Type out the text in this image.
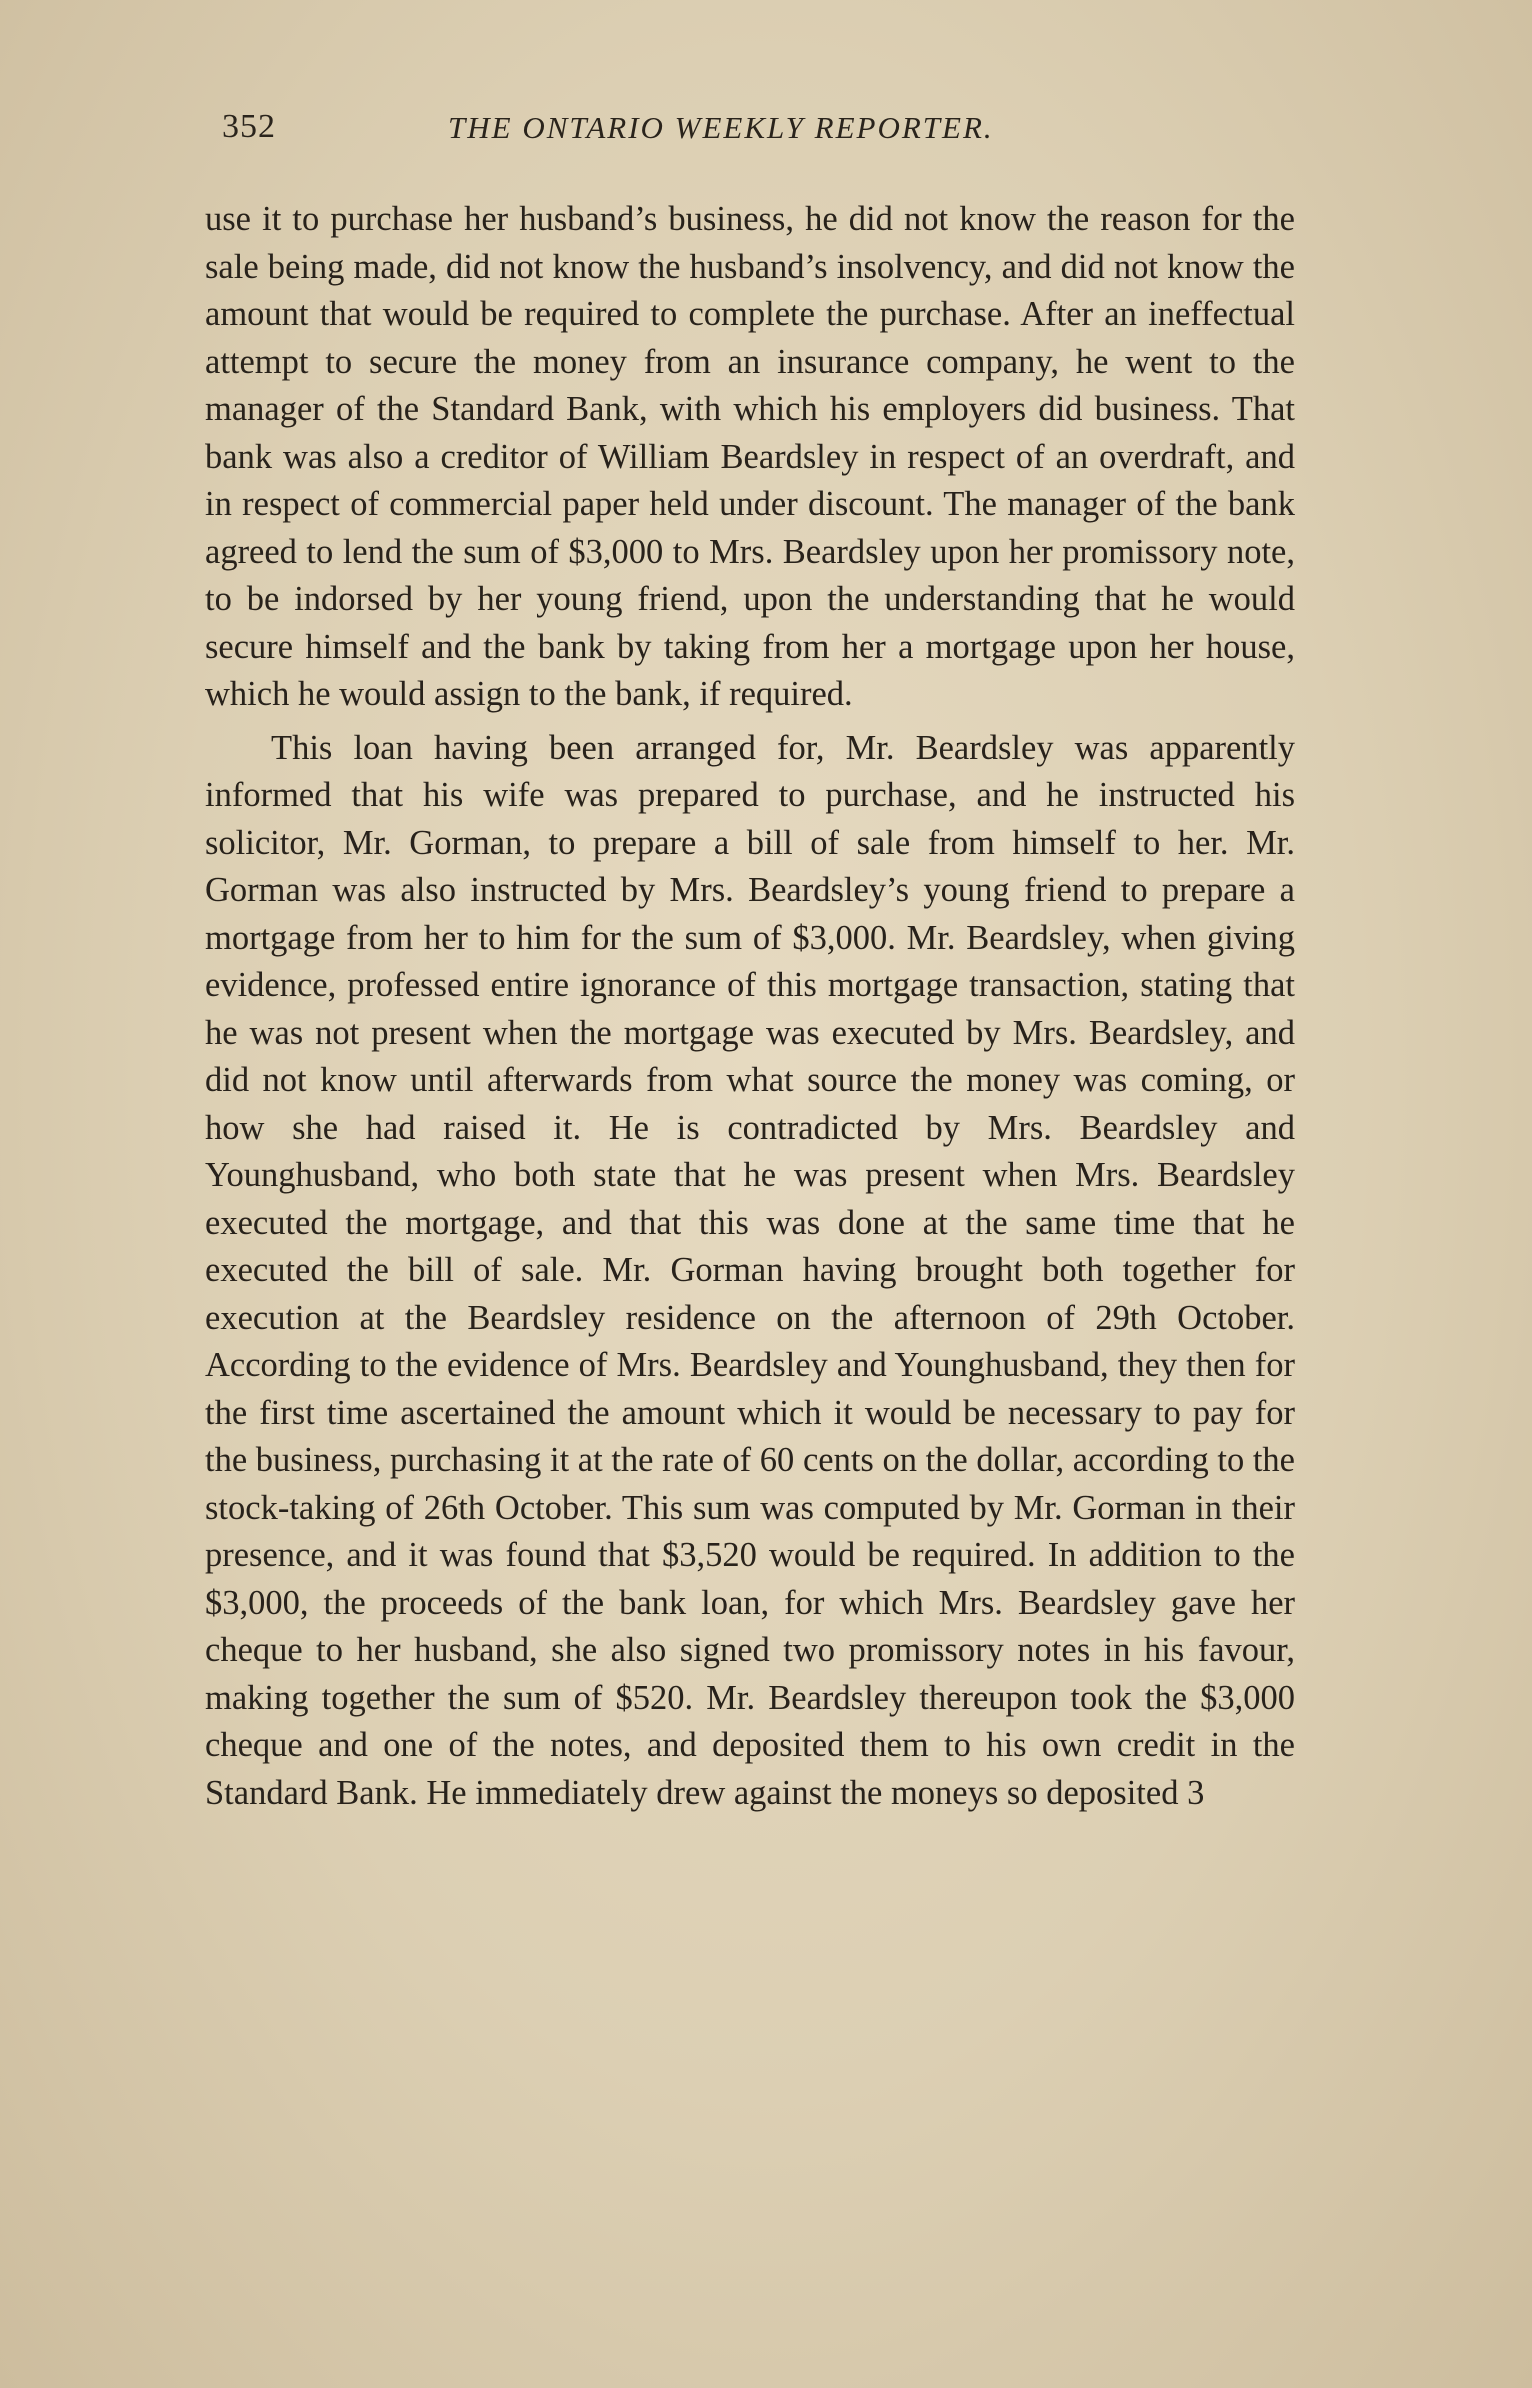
352	THE ONTARIO WEEKLY REPORTER.

use it to purchase her husband’s business, he did not know the reason for the sale being made, did not know the husband’s insolvency, and did not know the amount that would be required to complete the purchase. After an ineffectual attempt to secure the money from an insurance company, he went to the manager of the Standard Bank, with which his employers did business. That bank was also a creditor of William Beardsley in respect of an overdraft, and in respect of commercial paper held under discount. The manager of the bank agreed to lend the sum of $3,000 to Mrs. Beardsley upon her promissory note, to be indorsed by her young friend, upon the understanding that he would secure himself and the bank by taking from her a mortgage upon her house, which he would assign to the bank, if required.

This loan having been arranged for, Mr. Beardsley was apparently informed that his wife was prepared to purchase, and he instructed his solicitor, Mr. Gorman, to prepare a bill of sale from himself to her. Mr. Gorman was also instructed by Mrs. Beardsley’s young friend to prepare a mortgage from her to him for the sum of $3,000. Mr. Beardsley, when giving evidence, professed entire ignorance of this mortgage transaction, stating that he was not present when the mortgage was executed by Mrs. Beardsley, and did not know until afterwards from what source the money was coming, or how she had raised it. He is contradicted by Mrs. Beardsley and Younghusband, who both state that he was present when Mrs. Beardsley executed the mortgage, and that this was done at the same time that he executed the bill of sale. Mr. Gorman having brought both together for execution at the Beardsley residence on the afternoon of 29th October. According to the evidence of Mrs. Beardsley and Younghusband, they then for the first time ascertained the amount which it would be necessary to pay for the business, purchasing it at the rate of 60 cents on the dollar, according to the stock-taking of 26th October. This sum was computed by Mr. Gorman in their presence, and it was found that $3,520 would be required. In addition to the $3,000, the proceeds of the bank loan, for which Mrs. Beardsley gave her cheque to her husband, she also signed two promissory notes in his favour, making together the sum of $520. Mr. Beardsley thereupon took the $3,000 cheque and one of the notes, and deposited them to his own credit in the Standard Bank. He immediately drew against the moneys so deposited 3
